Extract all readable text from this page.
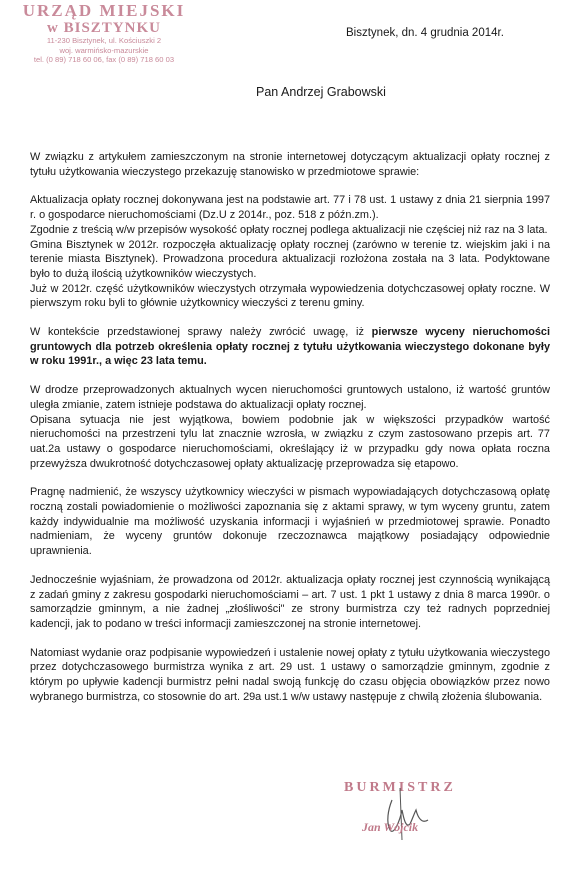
URZĄD MIEJSKI
w BISZTYNKU
11-230 Bisztynek, ul. Kościuszki 2
woj. warmińsko-mazurskie
tel. (0 89) 718 60 06, fax (0 89) 718 60 03
Bisztynek, dn. 4 grudnia 2014r.
Pan Andrzej Grabowski

W związku z artykułem zamieszczonym na stronie internetowej dotyczącym aktualizacji opłaty rocznej z tytułu użytkowania wieczystego przekazuję stanowisko w przedmiotowe sprawie:

Aktualizacja opłaty rocznej dokonywana jest na podstawie art. 77 i 78 ust. 1 ustawy z dnia 21 sierpnia 1997 r. o gospodarce nieruchomościami (Dz.U z 2014r., poz. 518 z późn.zm.).

Zgodnie z treścią w/w przepisów wysokość opłaty rocznej podlega aktualizacji nie częściej niż raz na 3 lata.

Gmina Bisztynek w 2012r. rozpoczęła aktualizację opłaty rocznej (zarówno w terenie tz. wiejskim jaki i na terenie miasta Bisztynek). Prowadzona procedura aktualizacji rozłożona została na 3 lata. Podyktowane było to dużą ilością użytkowników wieczystych.

Już w 2012r. część użytkowników wieczystych otrzymała wypowiedzenia dotychczasowej opłaty roczne. W pierwszym roku byli to głównie użytkownicy wieczyści z terenu gminy.

W kontekście przedstawionej sprawy należy zwrócić uwagę, iż pierwsze wyceny nieruchomości gruntowych dla potrzeb określenia opłaty rocznej z tytułu użytkowania wieczystego dokonane były w roku 1991r., a więc 23 lata temu.

W drodze przeprowadzonych aktualnych wycen nieruchomości gruntowych ustalono, iż wartość gruntów uległa zmianie, zatem istnieje podstawa do aktualizacji opłaty rocznej.

Opisana sytuacja nie jest wyjątkowa, bowiem podobnie jak w większości przypadków wartość nieruchomości na przestrzeni tylu lat znacznie wzrosła, w związku z czym zastosowano przepis art. 77 uat.2a ustawy o gospodarce nieruchomościami, określający iż w przypadku gdy nowa opłata roczna przewyższa dwukrotność dotychczasowej opłaty aktualizację przeprowadza się etapowo.

Pragnę nadmienić, że wszyscy użytkownicy wieczyści w pismach wypowiadających dotychczasową opłatę roczną zostali powiadomienie o możliwości zapoznania się z aktami sprawy, w tym wyceny gruntu, zatem każdy indywidualnie ma możliwość uzyskania informacji i wyjaśnień w przedmiotowej sprawie. Ponadto nadmieniam, że wyceny gruntów dokonuje rzeczoznawca majątkowy posiadający odpowiednie uprawnienia.

Jednocześnie wyjaśniam, że prowadzona od 2012r. aktualizacja opłaty rocznej jest czynnością wynikającą z zadań gminy z zakresu gospodarki nieruchomościami – art. 7 ust. 1 pkt 1 ustawy z dnia 8 marca 1990r. o samorządzie gminnym, a nie żadnej „złośliwości" ze strony burmistrza czy też radnych poprzedniej kadencji, jak to podano w treści informacji zamieszczonej na stronie internetowej.

Natomiast wydanie oraz podpisanie wypowiedzeń i ustalenie nowej opłaty z tytułu użytkowania wieczystego przez dotychczasowego burmistrza wynika z art. 29 ust. 1 ustawy o samorządzie gminnym, zgodnie z którym po upływie kadencji burmistrz pełni nadal swoją funkcję do czasu objęcia obowiązków przez nowo wybranego burmistrza, co stosownie do art. 29a ust.1 w/w ustawy następuje z chwilą złożenia ślubowania.

BURMISTRZ
Jan Wójcik
